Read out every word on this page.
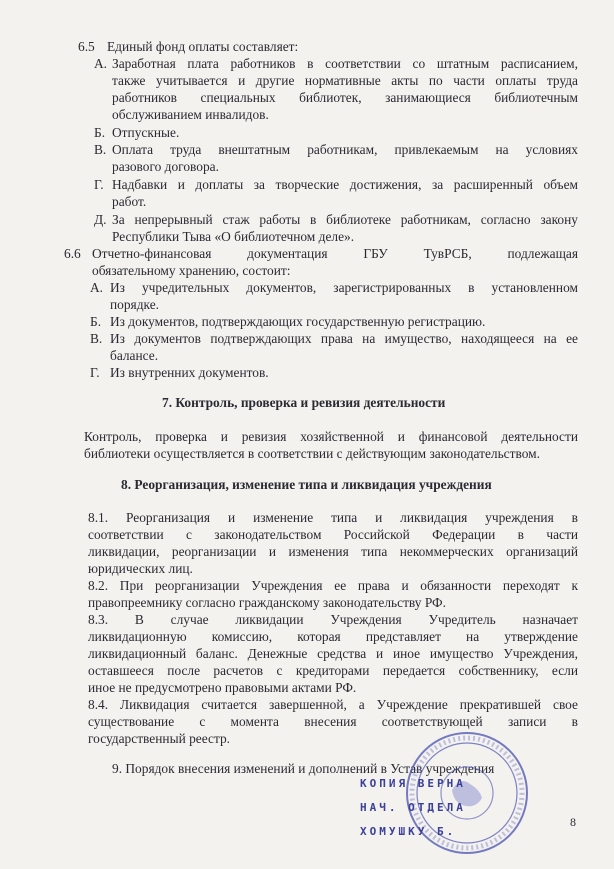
6.5 Единый фонд оплаты составляет:
А. Заработная плата работников в соответствии со штатным расписанием,
также учитывается и другие нормативные акты по части оплаты труда
работников специальных библиотек, занимающиеся библиотечным
обслуживанием инвалидов.
Б. Отпускные.
В. Оплата труда внештатным работникам, привлекаемым на условиях
разового договора.
Г. Надбавки и доплаты за творческие достижения, за расширенный объем
работ.
Д. За непрерывный стаж работы в библиотеке работникам, согласно закону
Республики Тыва «О библиотечном деле».
6.6 Отчетно-финансовая документация ГБУ ТувРСБ, подлежащая
обязательному хранению, состоит:
А. Из учредительных документов, зарегистрированных в установленном
порядке.
Б. Из документов, подтверждающих государственную регистрацию.
В. Из документов подтверждающих права на имущество, находящееся на ее
балансе.
Г. Из внутренних документов.
7. Контроль, проверка и ревизия деятельности
Контроль, проверка и ревизия хозяйственной и финансовой деятельности
библиотеки осуществляется в соответствии с действующим законодательством.
8. Реорганизация, изменение типа и ликвидация учреждения
8.1. Реорганизация и изменение типа и ликвидация учреждения в
соответствии с законодательством Российской Федерации в части
ликвидации, реорганизации и изменения типа некоммерческих организаций
юридических лиц.
8.2. При реорганизации Учреждения ее права и обязанности переходят к
правопреемнику согласно гражданскому законодательству РФ.
8.3. В случае ликвидации Учреждения Учредитель назначает
ликвидационную комиссию, которая представляет на утверждение
ликвидационный баланс. Денежные средства и иное имущество Учреждения,
оставшееся после расчетов с кредиторами передается собственнику, если
иное не предусмотрено правовыми актами РФ.
8.4. Ликвидация считается завершенной, а Учреждение прекратившей свое
существование с момента внесения соответствующей записи в
государственный реестр.
9. Порядок внесения изменений и дополнений в Устав учреждения
КОПИЯ ВЕРНА
НАЧ. ОТДЕЛА
ХОМУШКУ Б.
8
